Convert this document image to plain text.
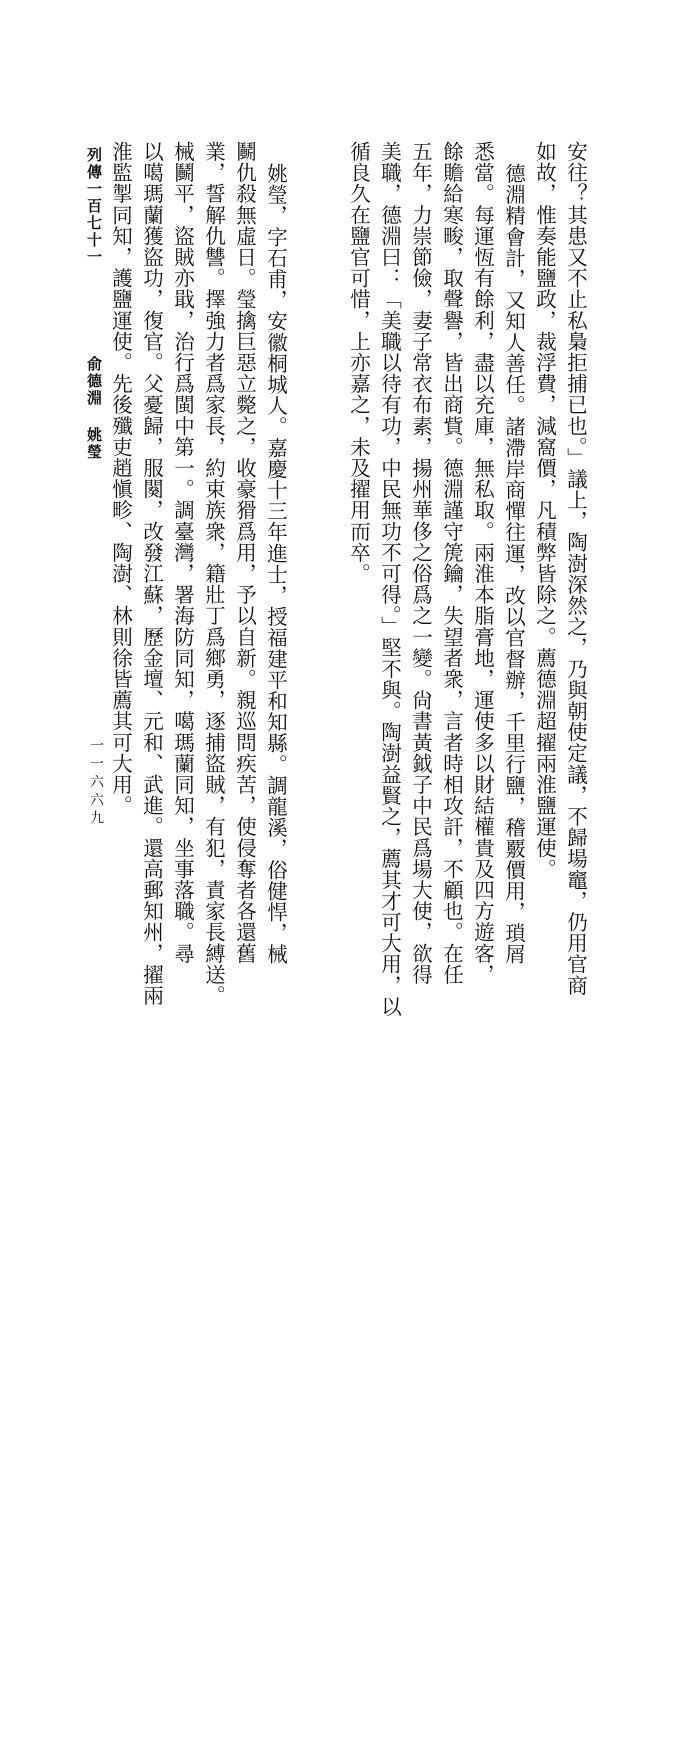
列傳一百七十一
俞德淵 姚瑩
一一六六九	安往？其患又不止私梟拒捕已也。」議上，陶澍深然之，乃與朝使定議，不歸場竈，仍用官商
如故，惟奏能鹽政，裁浮費，減窩價，凡積弊皆除之。薦德淵超擢兩淮鹽運使。
德淵精會計，又知人善任。諸滯岸商憚往運，改以官督辦，千里行鹽，稽覈價用，瑣屑
悉當。每運恆有餘利，盡以充庫，無私取。兩淮本脂膏地，運使多以財結權貴及四方遊客，
餘贍給寒畯，取聲譽，皆出商貲。德淵謹守箎鑰，失望者衆，言者時相攻訐，不顧也。在任
五年，力崇節儉，妻子常衣布素，揚州華侈之俗爲之一變。尙書黃鉞子中民爲場大使，欲得
美職，德淵曰：「美職以待有功，中民無功不可得。」堅不與。陶澍益賢之，薦其才可大用，以
循良久在鹽官可惜，上亦嘉之，未及擢用而卒。
姚瑩，字石甫，安徽桐城人。嘉慶十三年進士，授福建平和知縣。調龍溪，俗健悍，械
鬭仇殺無虛日。瑩擒巨惡立斃之，收豪猾爲用，予以自新。親巡問疾苦，使侵奪者各還舊
業，誓解仇讐。擇強力者爲家長，約束族衆，籍壯丁爲鄉勇，逐捕盜賊，有犯，責家長縛送。
械鬭平，盜賊亦戢，治行爲閩中第一。調臺灣，署海防同知，噶瑪蘭同知，坐事落職。尋
以噶瑪蘭獲盜功，復官。父憂歸，服闋，改發江蘇，歷金壇、元和、武進。還高郵知州，擢兩
淮監掣同知，護鹽運使。先後殲吏趙愼畛、陶澍、林則徐皆薦其可大用。
